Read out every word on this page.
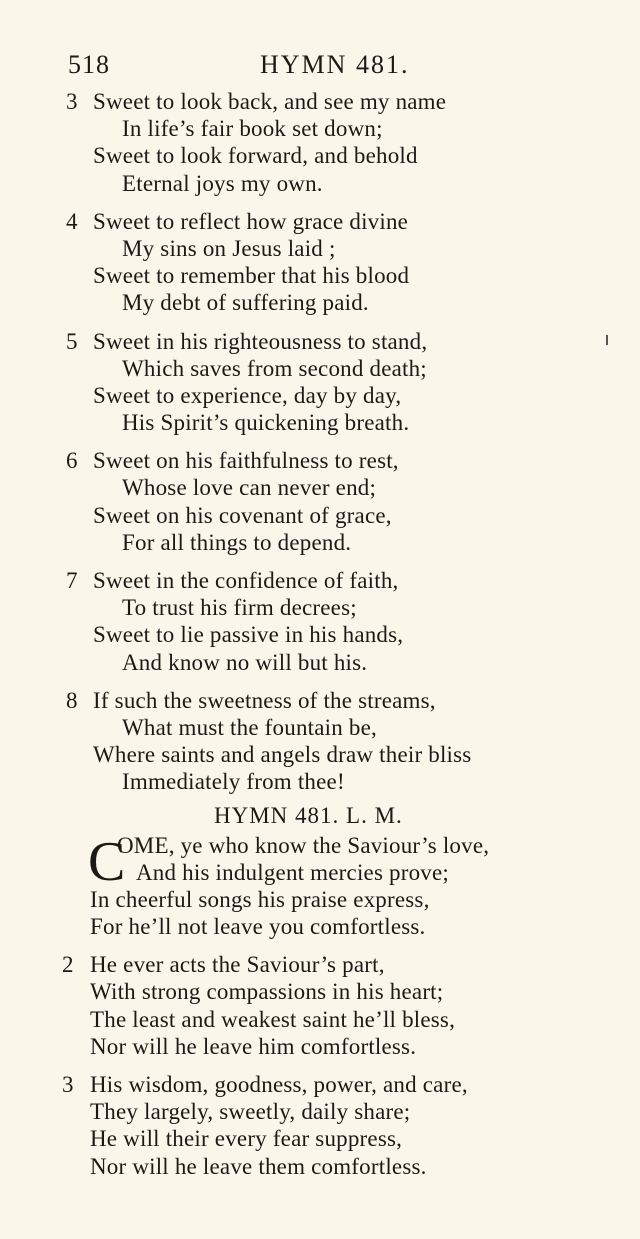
518	HYMN 481.
3 Sweet to look back, and see my name
In life’s fair book set down;
Sweet to look forward, and behold
Eternal joys my own.
4 Sweet to reflect how grace divine
My sins on Jesus laid ;
Sweet to remember that his blood
My debt of suffering paid.
5 Sweet in his righteousness to stand,
Which saves from second death;
Sweet to experience, day by day,
His Spirit’s quickening breath.
6 Sweet on his faithfulness to rest,
Whose love can never end;
Sweet on his covenant of grace,
For all things to depend.
7 Sweet in the confidence of faith,
To trust his firm decrees;
Sweet to lie passive in his hands,
And know no will but his.
8 If such the sweetness of the streams,
What must the fountain be,
Where saints and angels draw their bliss
Immediately from thee!
HYMN 481. L. M.
C
OME, ye who know the Saviour’s love,
And his indulgent mercies prove;
In cheerful songs his praise express,
For he’ll not leave you comfortless.
2 He ever acts the Saviour’s part,
With strong compassions in his heart;
The least and weakest saint he’ll bless,
Nor will he leave him comfortless.
3 His wisdom, goodness, power, and care,
They largely, sweetly, daily share;
He will their every fear suppress,
Nor will he leave them comfortless.
